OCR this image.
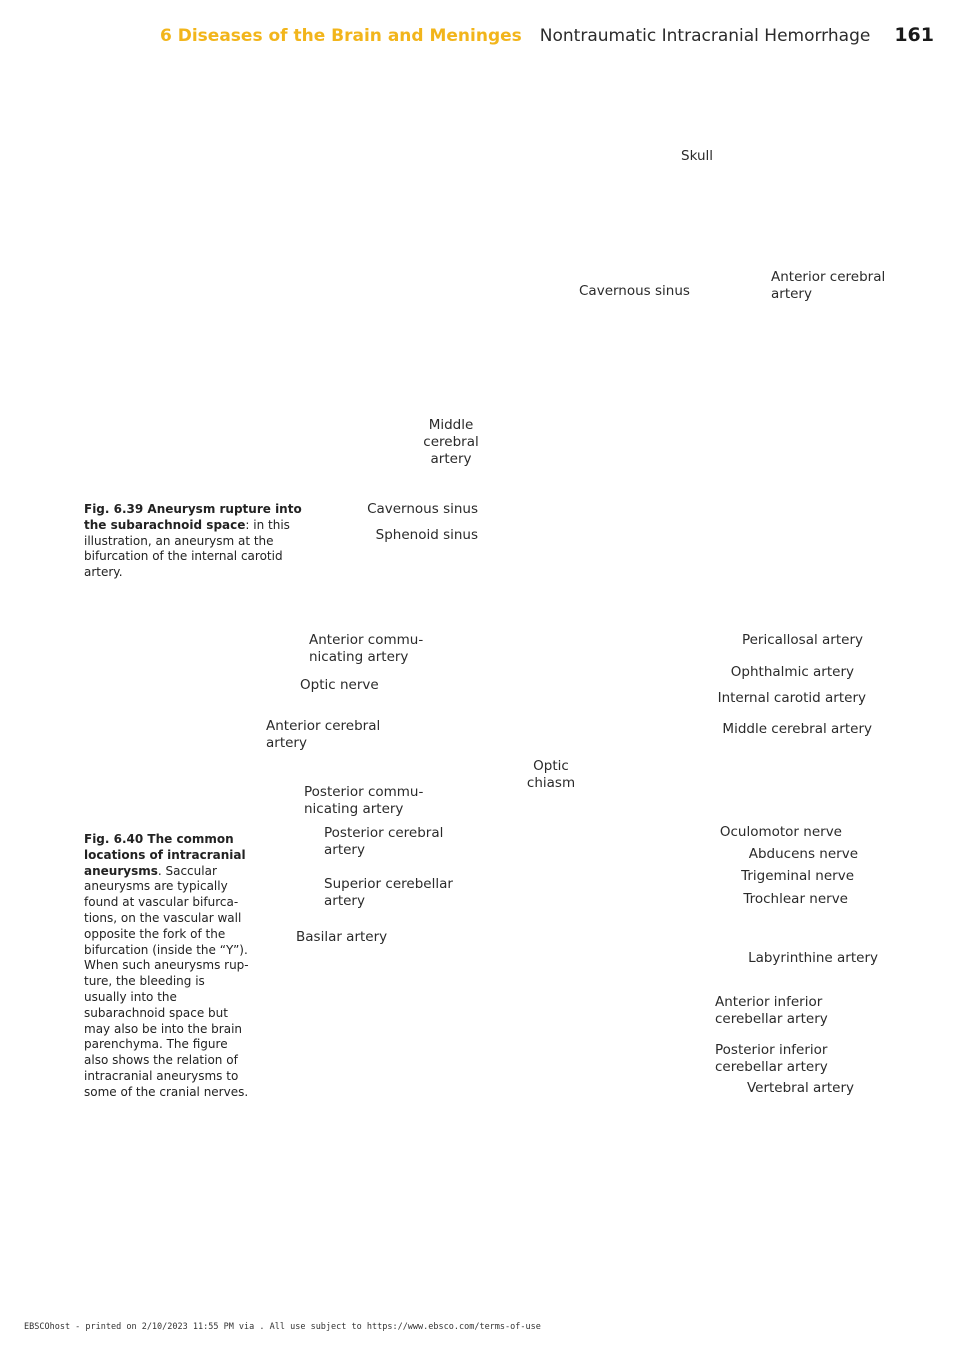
6 Diseases of the Brain and Meninges Nontraumatic Intracranial Hemorrhage 161
Skull
Cavernous sinus
Anterior cerebral
artery
Middle
cerebral
artery
Cavernous sinus
Sphenoid sinus
Fig. 6.39 Aneurysm rupture into the subarachnoid space: in this illustration, an aneurysm at the bifurcation of the internal carotid artery.
Anterior commu-
nicating artery
Optic nerve
Anterior cerebral
artery
Optic
chiasm
Posterior commu-
nicating artery
Posterior cerebral
artery
Superior cerebellar
artery
Basilar artery
Pericallosal artery
Ophthalmic artery
Internal carotid artery
Middle cerebral artery
Oculomotor nerve
Abducens nerve
Trigeminal nerve
Trochlear nerve
Labyrinthine artery
Anterior inferior
cerebellar artery
Posterior inferior
cerebellar artery
Vertebral artery
Fig. 6.40 The common locations of intracranial aneurysms. Saccular aneurysms are typically found at vascular bifurcations, on the vascular wall opposite the fork of the bifurcation (inside the “Y”). When such aneurysms rupture, the bleeding is usually into the subarachnoid space but may also be into the brain parenchyma. The figure also shows the relation of intracranial aneurysms to some of the cranial nerves.
EBSCOhost - printed on 2/10/2023 11:55 PM via . All use subject to https://www.ebsco.com/terms-of-use
